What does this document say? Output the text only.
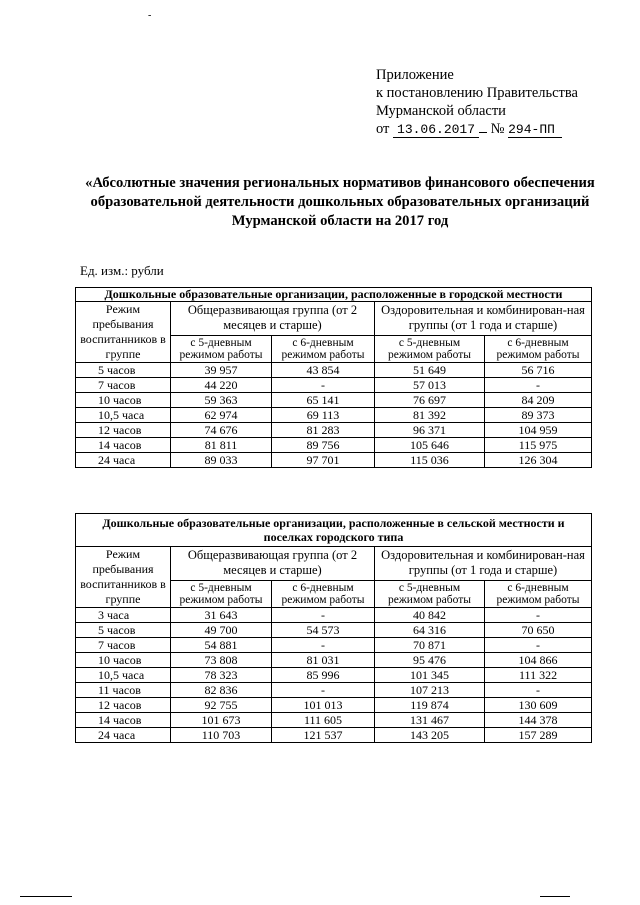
-
Приложение
к постановлению Правительства
Мурманской области
от 13.06.2017 № 294-ПП
«Абсолютные значения региональных нормативов финансового обеспечения образовательной деятельности дошкольных образовательных организаций Мурманской области на 2017 год
Ед. изм.: рубли
Дошкольные образовательные организации, расположенные в городской местности				
Режим пребывания воспитанников в группе	Общеразвивающая группа (от 2 месяцев и старше)		Оздоровительная и комбинирован-ная группы (от 1 года и старше)	
	с 5-дневным режимом работы	с 6-дневным режимом работы	с 5-дневным режимом работы	с 6-дневным режимом работы
5 часов	39 957	43 854	51 649	56 716
7 часов	44 220	-	57 013	-
10 часов	59 363	65 141	76 697	84 209
10,5 часа	62 974	69 113	81 392	89 373
12 часов	74 676	81 283	96 371	104 959
14 часов	81 811	89 756	105 646	115 975
24 часа	89 033	97 701	115 036	126 304
Дошкольные образовательные организации, расположенные в сельской местности и поселках городского типа				
Режим пребывания воспитанников в группе	Общеразвивающая группа (от 2 месяцев и старше)		Оздоровительная и комбинирован-ная группы (от 1 года и старше)	
	с 5-дневным режимом работы	с 6-дневным режимом работы	с 5-дневным режимом работы	с 6-дневным режимом работы
3 часа	31 643	-	40 842	-
5 часов	49 700	54 573	64 316	70 650
7 часов	54 881	-	70 871	-
10 часов	73 808	81 031	95 476	104 866
10,5 часа	78 323	85 996	101 345	111 322
11 часов	82 836	-	107 213	-
12 часов	92 755	101 013	119 874	130 609
14 часов	101 673	111 605	131 467	144 378
24 часа	110 703	121 537	143 205	157 289
